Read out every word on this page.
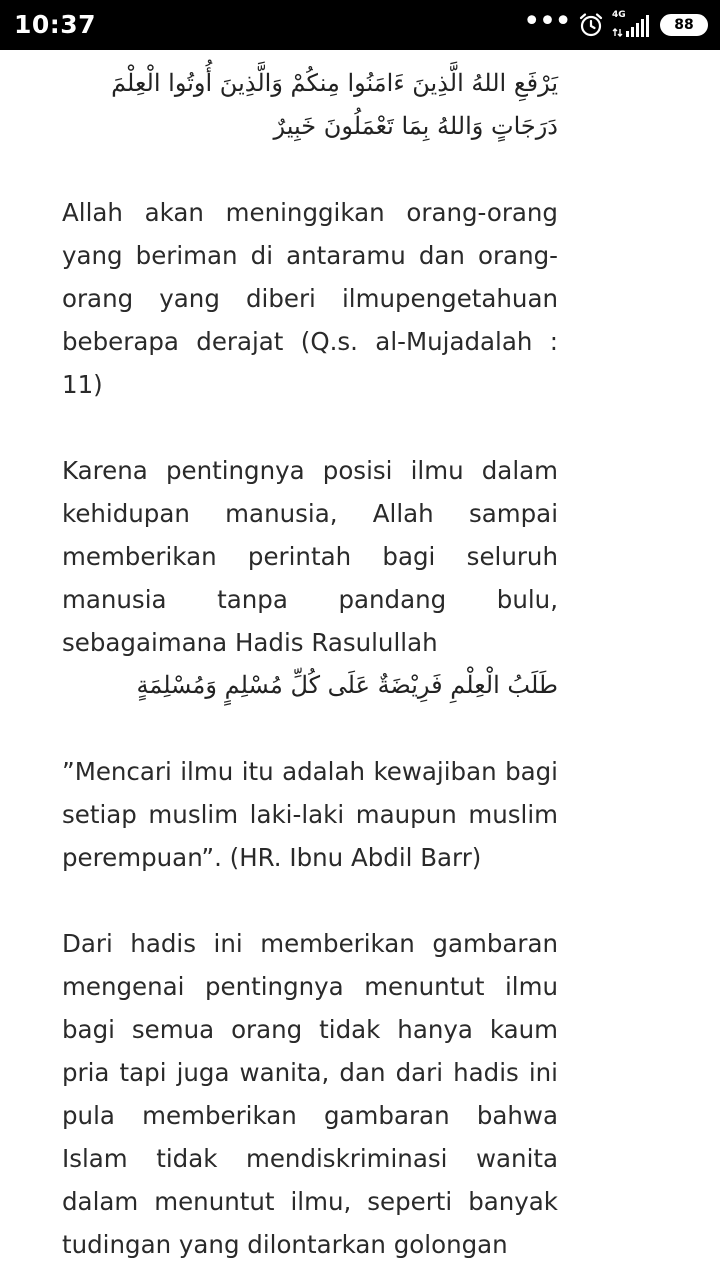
10:37	•••	4G
88

يَرْفَعِ اللهُ الَّذِينَ ءَامَنُوا مِنكُمْ وَالَّذِينَ أُوتُوا الْعِلْمَ دَرَجَاتٍ وَاللهُ بِمَا تَعْمَلُونَ خَبِيرٌ

Allah akan meninggikan orang-orang yang beriman di antaramu dan orang-orang yang diberi ilmupengetahuan beberapa derajat (Q.s. al-Mujadalah : 11)

Karena pentingnya posisi ilmu dalam kehidupan manusia, Allah sampai memberikan perintah bagi seluruh manusia tanpa pandang bulu, sebagaimana Hadis Rasulullah

طَلَبُ الْعِلْمِ فَرِيْضَةٌ عَلَى كُلِّ مُسْلِمٍ وَمُسْلِمَةٍ

”Mencari ilmu itu adalah kewajiban bagi setiap muslim laki-laki maupun muslim perempuan”. (HR. Ibnu Abdil Barr)

Dari hadis ini memberikan gambaran mengenai pentingnya menuntut ilmu bagi semua orang tidak hanya kaum pria tapi juga wanita, dan dari hadis ini pula memberikan gambaran bahwa Islam tidak mendiskriminasi wanita dalam menuntut ilmu, seperti banyak tudingan yang dilontarkan golongan
